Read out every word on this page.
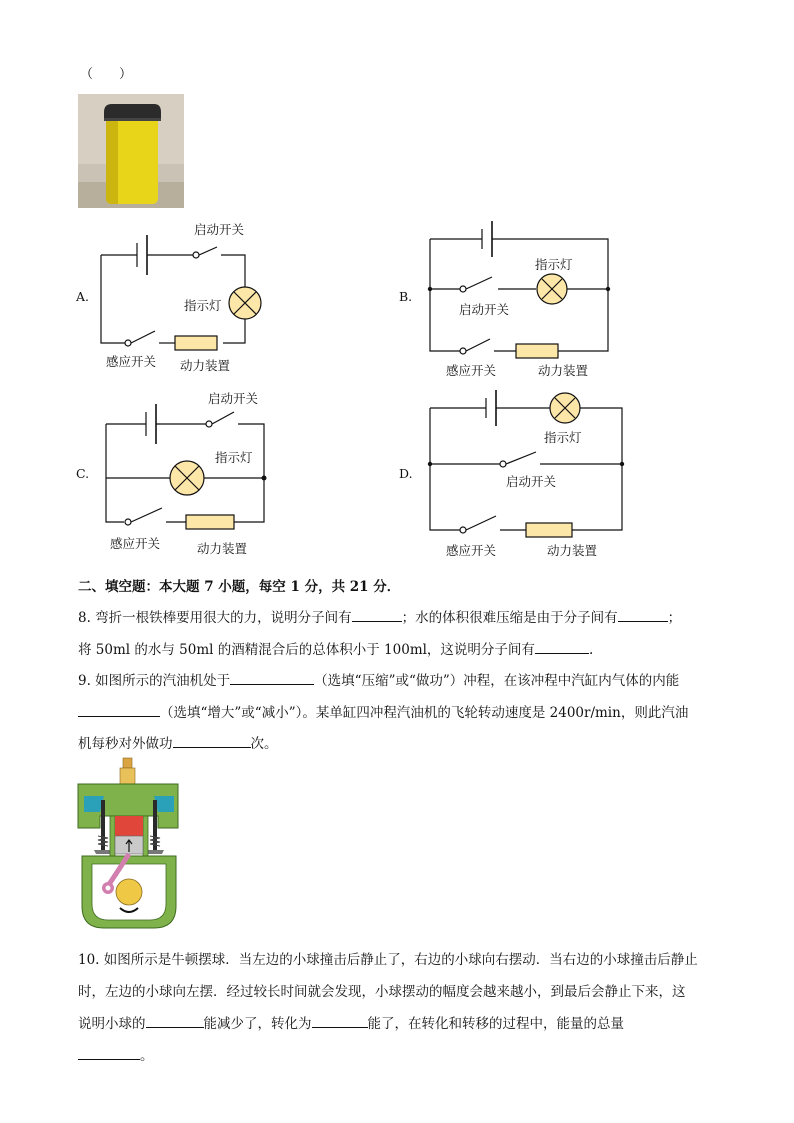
（　　）
A.
启动开关
指示灯
感应开关 动力装置
B.
指示灯
启动开关
感应开关	动力装置
C.
启动开关
指示灯
感应开关	动力装置
D.
指示灯
启动开关
感应开关	动力装置
二、填空题：本大题 7 小题，每空 1 分，共 21 分．
8. 弯折一根铁棒要用很大的力，说明分子间有	；水的体积很难压缩是由于分子间有	；
将 50ml 的水与 50ml 的酒精混合后的总体积小于 100ml，这说明分子间有	.
9. 如图所示的汽油机处于	（选填“压缩”或“做功”）冲程，在该冲程中汽缸内气体的内能
（选填“增大”或“减小”）。某单缸四冲程汽油机的飞轮转动速度是 2400r/min，则此汽油
机每秒对外做功	次。
10. 如图所示是牛顿摆球．当左边的小球撞击后静止了，右边的小球向右摆动．当右边的小球撞击后静止
时，左边的小球向左摆．经过较长时间就会发现，小球摆动的幅度会越来越小，到最后会静止下来，这
说明小球的	能减少了，转化为	能了，在转化和转移的过程中，能量的总量
。
